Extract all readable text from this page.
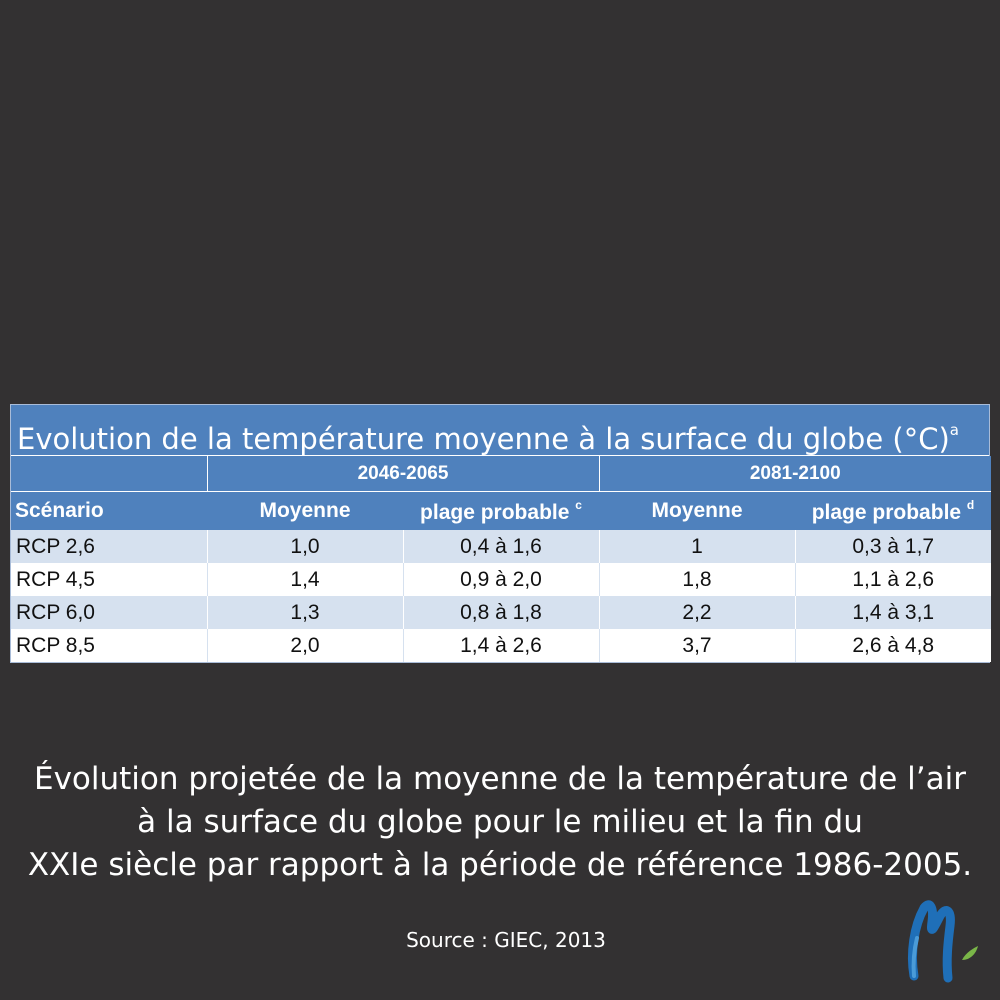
Evolution de la température moyenne à la surface du globe $(^\circ C)^a$
	2046-2065		2081-2100	
Scénario	Moyenne	plage probable $^c$	Moyenne	plage probable $^d$
RCP 2,6	1,0	0,4 à 1,6	1	0,3 à 1,7
RCP 4,5	1,4	0,9 à 2,0	1,8	1,1 à 2,6
RCP 6,0	1,3	0,8 à 1,8	2,2	1,4 à 3,1
RCP 8,5	2,0	1,4 à 2,6	3,7	2,6 à 4,8
Évolution projetée de la moyenne de la température de l’air
à la surface du globe pour le milieu et la fin du
XXIe siècle par rapport à la période de référence 1986-2005.
Source : GIEC, 2013
